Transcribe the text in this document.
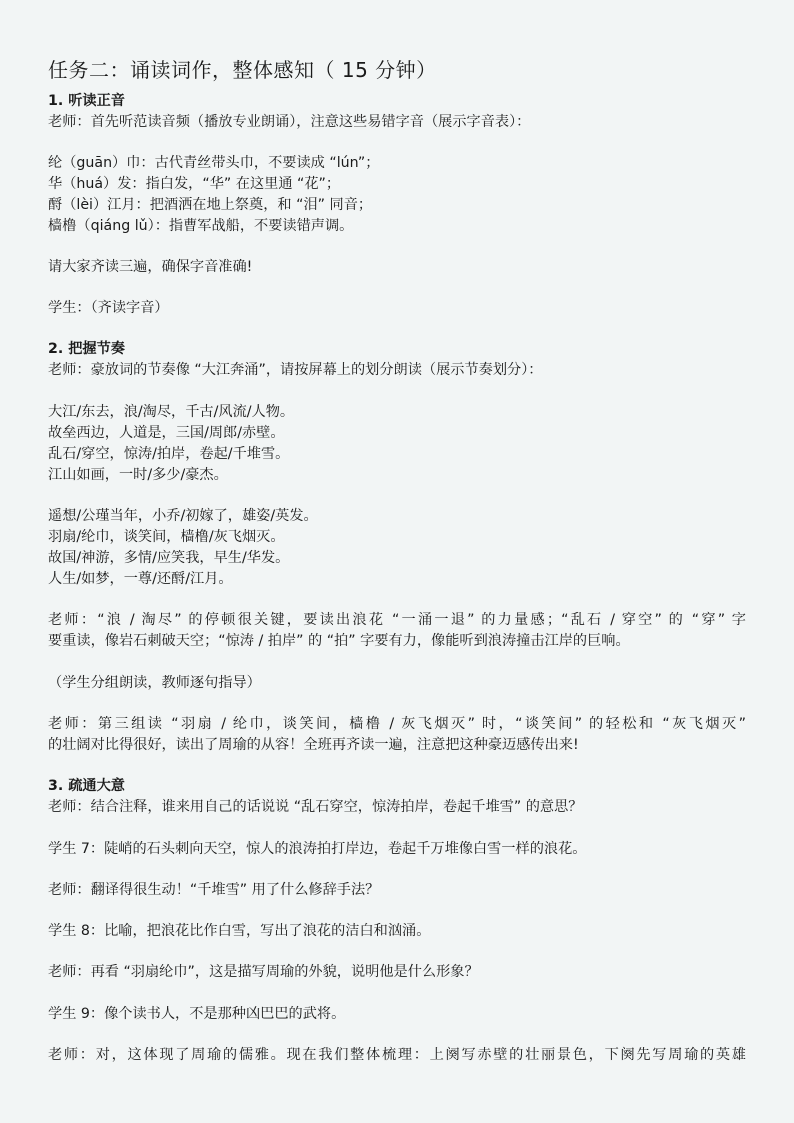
任务二：诵读词作，整体感知（ 15 分钟）
1. 听读正音
老师：首先听范读音频（播放专业朗诵），注意这些易错字音（展示字音表）：
纶（guān）巾：古代青丝带头巾，不要读成 “lún”；
华（huá）发：指白发，“华” 在这里通 “花”；
酹（lèi）江月：把酒洒在地上祭奠，和 “泪” 同音；
樯橹（qiáng lǔ）：指曹军战船，不要读错声调。
请大家齐读三遍，确保字音准确!
学生：（齐读字音）
2. 把握节奏
老师：豪放词的节奏像 “大江奔涌”，请按屏幕上的划分朗读（展示节奏划分）：
大江/东去，浪/淘尽，千古/风流/人物。
故垒西边，人道是，三国/周郎/赤壁。
乱石/穿空，惊涛/拍岸，卷起/千堆雪。
江山如画，一时/多少/豪杰。
遥想/公瑾当年，小乔/初嫁了，雄姿/英发。
羽扇/纶巾，谈笑间，樯橹/灰飞烟灭。
故国/神游，多情/应笑我，早生/华发。
人生/如梦，一尊/还酹/江月。
老师：“浪 / 淘尽” 的停顿很关键，要读出浪花 “一涌一退” 的力量感；“乱石 / 穿空” 的 “穿” 字
要重读，像岩石刺破天空；“惊涛 / 拍岸” 的 “拍” 字要有力，像能听到浪涛撞击江岸的巨响。
（学生分组朗读，教师逐句指导）
老师：第三组读 “羽扇 / 纶巾，谈笑间，樯橹 / 灰飞烟灭” 时，“谈笑间” 的轻松和 “灰飞烟灭”
的壮阔对比得很好，读出了周瑜的从容！全班再齐读一遍，注意把这种豪迈感传出来!
3. 疏通大意
老师：结合注释，谁来用自己的话说说 “乱石穿空，惊涛拍岸，卷起千堆雪” 的意思？
学生 7：陡峭的石头刺向天空，惊人的浪涛拍打岸边，卷起千万堆像白雪一样的浪花。
老师：翻译得很生动！“千堆雪” 用了什么修辞手法？
学生 8：比喻，把浪花比作白雪，写出了浪花的洁白和汹涌。
老师：再看 “羽扇纶巾”，这是描写周瑜的外貌，说明他是什么形象？
学生 9：像个读书人，不是那种凶巴巴的武将。
老师：对，这体现了周瑜的儒雅。现在我们整体梳理：上阕写赤壁的壮丽景色，下阕先写周瑜的英雄
